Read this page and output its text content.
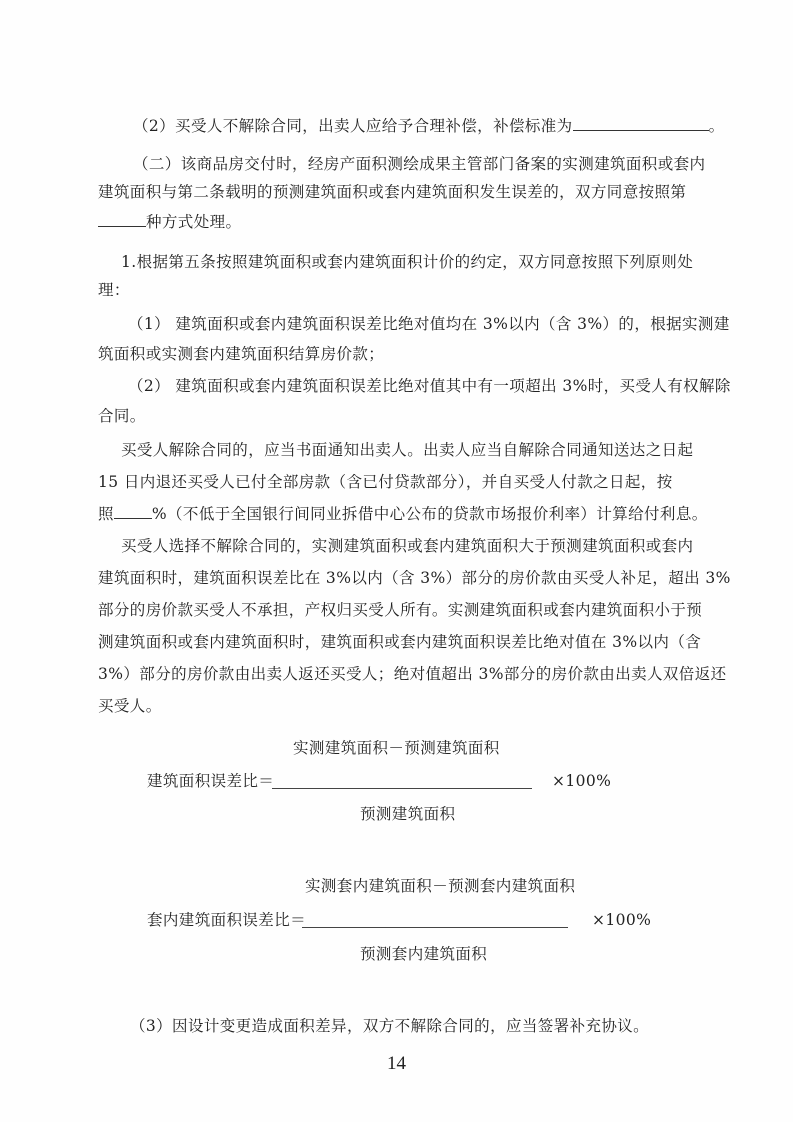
（2）买受人不解除合同，出卖人应给予合理补偿，补偿标准为	。
（二）该商品房交付时，经房产面积测绘成果主管部门备案的实测建筑面积或套内
建筑面积与第二条载明的预测建筑面积或套内建筑面积发生误差的，双方同意按照第
种方式处理。
1.根据第五条按照建筑面积或套内建筑面积计价的约定，双方同意按照下列原则处
理：
（1） 建筑面积或套内建筑面积误差比绝对值均在 3%以内（含 3%）的，根据实测建
筑面积或实测套内建筑面积结算房价款；
（2） 建筑面积或套内建筑面积误差比绝对值其中有一项超出 3%时，买受人有权解除
合同。
买受人解除合同的，应当书面通知出卖人。出卖人应当自解除合同通知送达之日起
15 日内退还买受人已付全部房款（含已付贷款部分），并自买受人付款之日起，按
照 %（不低于全国银行间同业拆借中心公布的贷款市场报价利率）计算给付利息。
买受人选择不解除合同的，实测建筑面积或套内建筑面积大于预测建筑面积或套内
建筑面积时，建筑面积误差比在 3%以内（含 3%）部分的房价款由买受人补足，超出 3%
部分的房价款买受人不承担，产权归买受人所有。实测建筑面积或套内建筑面积小于预
测建筑面积或套内建筑面积时，建筑面积或套内建筑面积误差比绝对值在 3%以内（含
3%）部分的房价款由出卖人返还买受人；绝对值超出 3%部分的房价款由出卖人双倍返还
买受人。
实测建筑面积－预测建筑面积
建筑面积误差比＝	×100%
预测建筑面积
实测套内建筑面积－预测套内建筑面积
套内建筑面积误差比＝	×100%
预测套内建筑面积
（3）因设计变更造成面积差异，双方不解除合同的，应当签署补充协议。
14
